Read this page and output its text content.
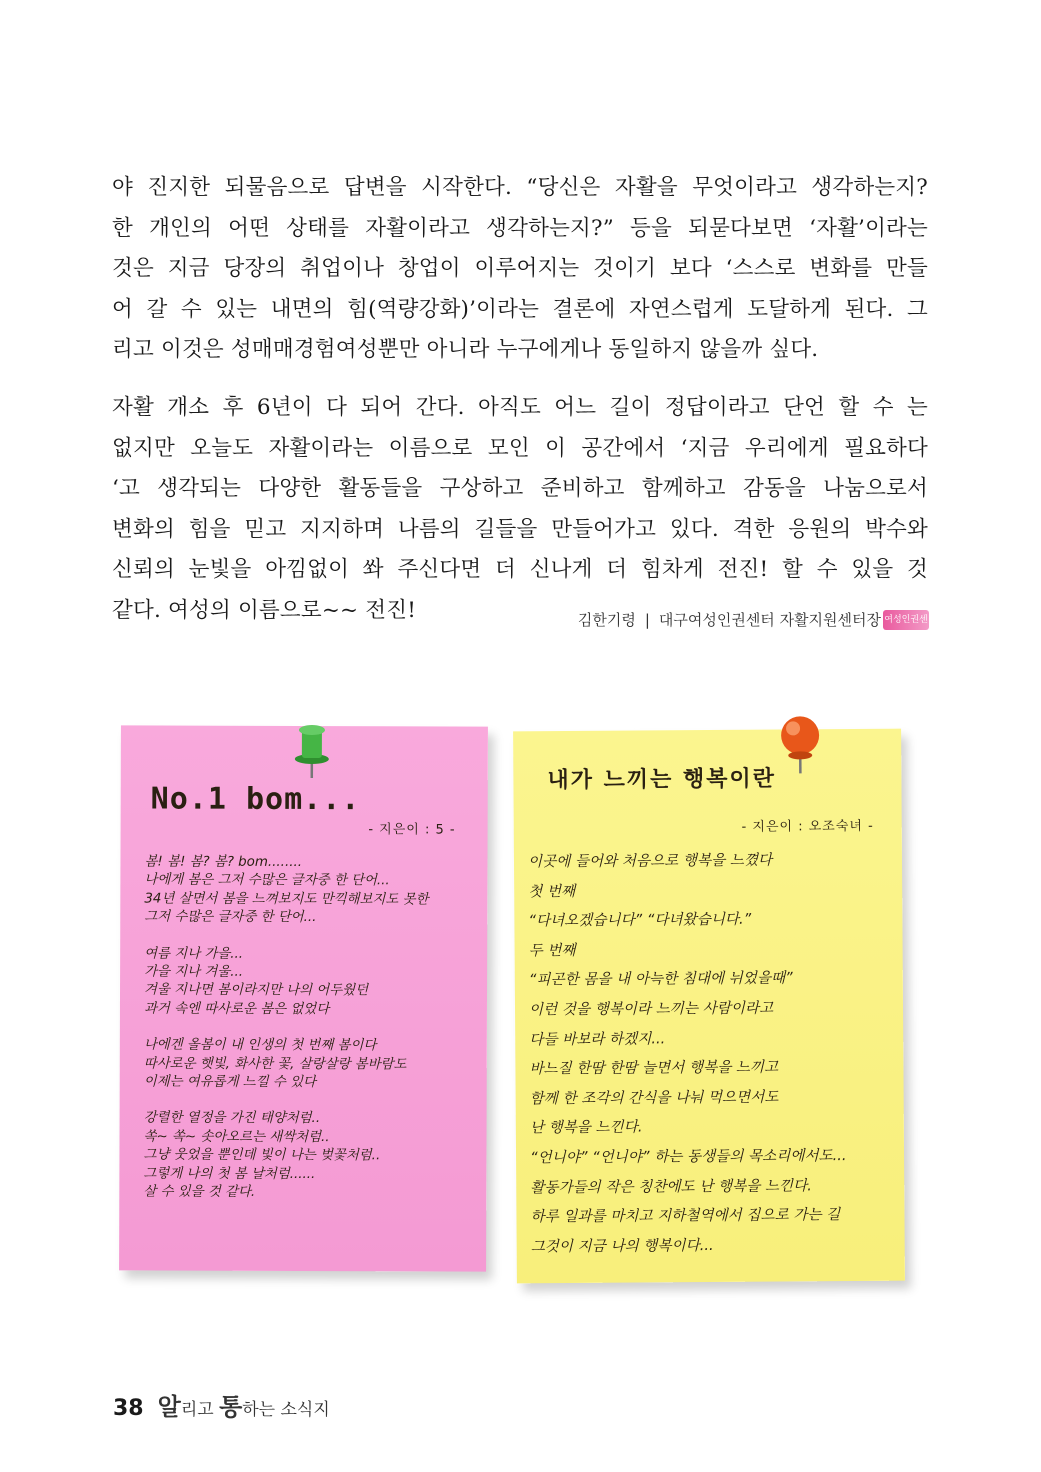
야 진지한 되물음으로 답변을 시작한다. “당신은 자활을 무엇이라고 생각하는지?
한 개인의 어떤 상태를 자활이라고 생각하는지?” 등을 되묻다보면 ‘자활’이라는
것은 지금 당장의 취업이나 창업이 이루어지는 것이기 보다 ‘스스로 변화를 만들
어 갈 수 있는 내면의 힘(역량강화)’이라는 결론에 자연스럽게 도달하게 된다. 그
리고 이것은 성매매경험여성뿐만 아니라 누구에게나 동일하지 않을까 싶다.
자활 개소 후 6년이 다 되어 간다. 아직도 어느 길이 정답이라고 단언 할 수 는
없지만 오늘도 자활이라는 이름으로 모인 이 공간에서 ‘지금 우리에게 필요하다
‘고 생각되는 다양한 활동들을 구상하고 준비하고 함께하고 감동을 나눔으로서
변화의 힘을 믿고 지지하며 나름의 길들을 만들어가고 있다. 격한 응원의 박수와
신뢰의 눈빛을 아낌없이 쏴 주신다면 더 신나게 더 힘차게 전진! 할 수 있을 것
같다. 여성의 이름으로~~ 전진!	김한기령 | 대구여성인권센터 자활지원센터장 여성인권센터
No.1 bom...
- 지은이 : 5 -
봄! 봄! 봄? 봄? bom........
나에게 봄은 그저 수많은 글자중 한 단어...
34년 살면서 봄을 느껴보지도 만끽해보지도 못한
그저 수많은 글자중 한 단어...
여름 지나 가을...
가을 지나 겨울...
겨울 지나면 봄이라지만 나의 어두웠던
과거 속엔 따사로운 봄은 없었다
나에겐 올봄이 내 인생의 첫 번째 봄이다
따사로운 햇빛, 화사한 꽃, 살랑살랑 봄바람도
이제는 여유롭게 느낄 수 있다
강렬한 열정을 가진 태양처럼..
쏙~ 쏙~ 솟아오르는 새싹처럼..
그냥 웃었을 뿐인데 빛이 나는 벚꽃처럼..
그렇게 나의 첫 봄 날처럼......
살 수 있을 것 같다.
내가 느끼는 행복이란
- 지은이 : 오조숙녀 -
이곳에 들어와 처음으로 행복을 느꼈다
첫 번째
“다녀오겠습니다” “다녀왔습니다.”
두 번째
“피곤한 몸을 내 아늑한 침대에 뉘었을때”
이런 것을 행복이라 느끼는 사람이라고
다들 바보라 하겠지...
바느질 한땀 한땀 늘면서 행복을 느끼고
함께 한 조각의 간식을 나눠 먹으면서도
난 행복을 느낀다.
“언니야” “언니야” 하는 동생들의 목소리에서도...
활동가들의 작은 칭찬에도 난 행복을 느낀다.
하루 일과를 마치고 지하철역에서 집으로 가는 길
그것이 지금 나의 행복이다...
38 알리고 통하는 소식지
